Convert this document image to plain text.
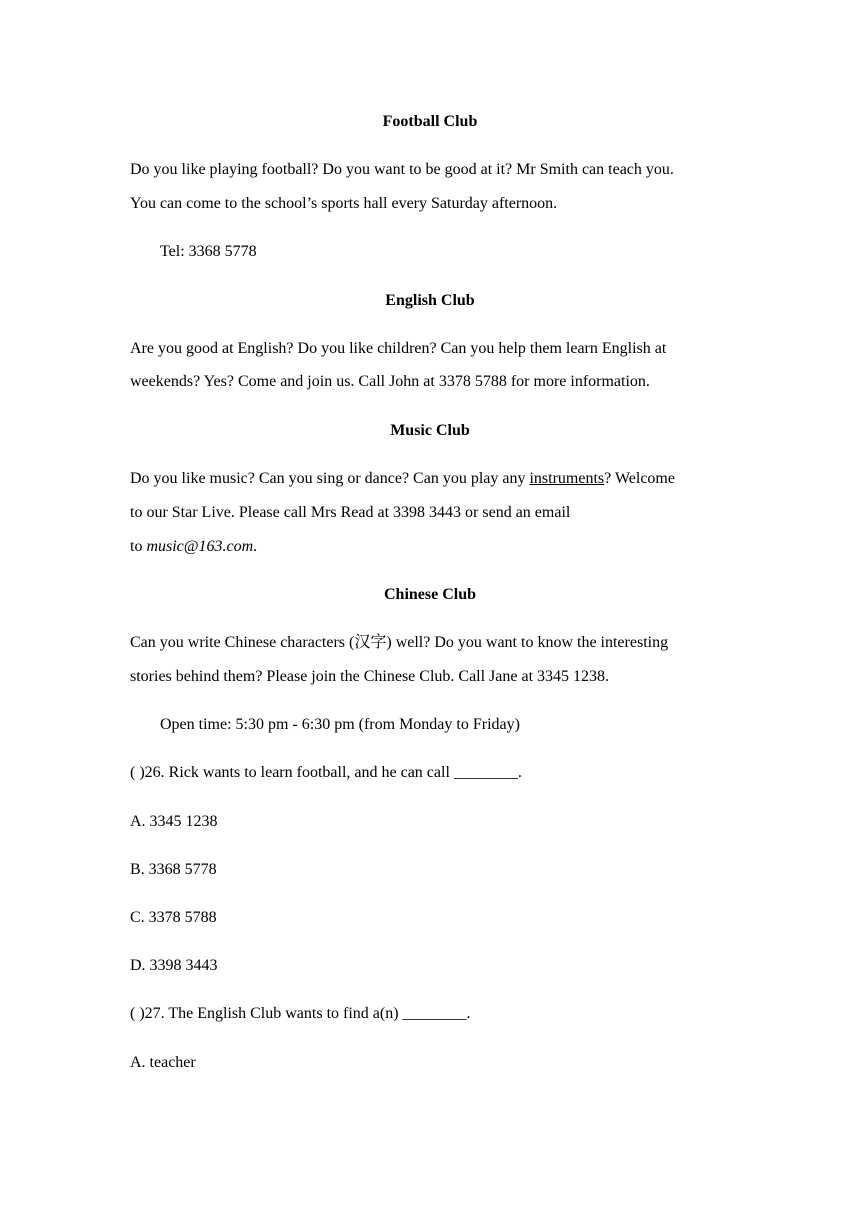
Football Club
Do you like playing football? Do you want to be good at it? Mr Smith can teach you.
You can come to the school’s sports hall every Saturday afternoon.
Tel: 3368 5778
English Club
Are you good at English? Do you like children? Can you help them learn English at
weekends? Yes? Come and join us. Call John at 3378 5788 for more information.
Music Club
Do you like music? Can you sing or dance? Can you play any instruments? Welcome
to our Star Live. Please call Mrs Read at 3398 3443 or send an email
to music@163.com.
Chinese Club
Can you write Chinese characters (汉字) well? Do you want to know the interesting
stories behind them? Please join the Chinese Club. Call Jane at 3345 1238.
Open time: 5:30 pm - 6:30 pm (from Monday to Friday)
( )26. Rick wants to learn football, and he can call ________.
A. 3345 1238
B. 3368 5778
C. 3378 5788
D. 3398 3443
( )27. The English Club wants to find a(n) ________.
A. teacher
